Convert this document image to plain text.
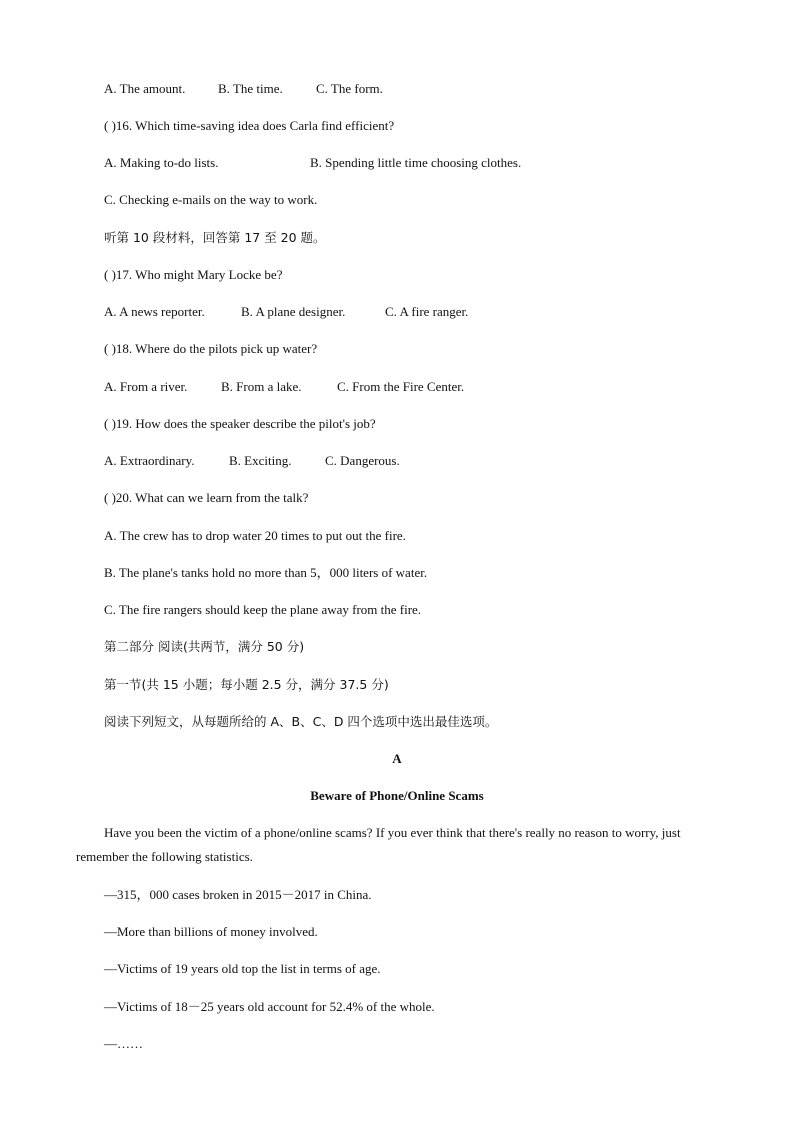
A. The amount.	B. The time.	C. The form.
( )16. Which time-saving idea does Carla find efficient?
A. Making to-do lists.	B. Spending little time choosing clothes.
C. Checking e-mails on the way to work.
听第 10 段材料，回答第 17 至 20 题。
( )17. Who might Mary Locke be?
A. A news reporter.	B. A plane designer.	C. A fire ranger.
( )18. Where do the pilots pick up water?
A. From a river.	B. From a lake.	C. From the Fire Center.
( )19. How does the speaker describe the pilot's job?
A. Extraordinary.	B. Exciting.	C. Dangerous.
( )20. What can we learn from the talk?
A. The crew has to drop water 20 times to put out the fire.
B. The plane's tanks hold no more than 5，000 liters of water.
C. The fire rangers should keep the plane away from the fire.
第二部分 阅读(共两节，满分 50 分)
第一节(共 15 小题；每小题 2.5 分，满分 37.5 分)
阅读下列短文，从每题所给的 A、B、C、D 四个选项中选出最佳选项。
A
Beware of Phone/Online Scams
Have you been the victim of a phone/online scams? If you ever think that there's really no reason to worry, just remember the following statistics.
—315，000 cases broken in 2015－2017 in China.
—More than billions of money involved.
—Victims of 19 years old top the list in terms of age.
—Victims of 18－25 years old account for 52.4% of the whole.
—……
